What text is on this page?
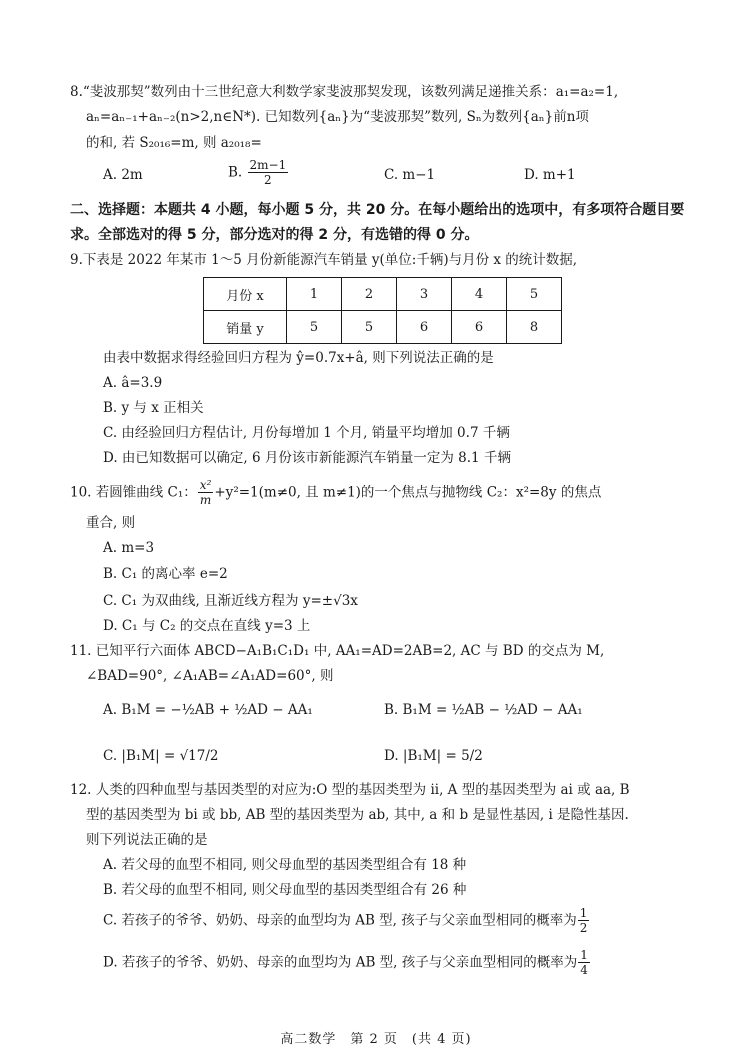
8.“斐波那契”数列由十三世纪意大利数学家斐波那契发现，该数列满足递推关系：a₁=a₂=1,
aₙ=aₙ₋₁+aₙ₋₂(n>2,n∈N*). 已知数列{aₙ}为“斐波那契”数列, Sₙ为数列{aₙ}前n项
的和, 若 S₂₀₁₆=m, 则 a₂₀₁₈=
A. 2m	B. $\frac{2m-1}{2}$	C. m−1	D. m+1
二、选择题：本题共 4 小题，每小题 5 分，共 20 分。在每小题给出的选项中，有多项符合题目要
求。全部选对的得 5 分，部分选对的得 2 分，有选错的得 0 分。
9.下表是 2022 年某市 1～5 月份新能源汽车销量 y(单位:千辆)与月份 x 的统计数据,
月份 x	1	2	3	4	5
销量 y	5	5	6	6	8
由表中数据求得经验回归方程为 ŷ=0.7x+â, 则下列说法正确的是
A. â=3.9
B. y 与 x 正相关
C. 由经验回归方程估计, 月份每增加 1 个月, 销量平均增加 0.7 千辆
D. 由已知数据可以确定, 6 月份该市新能源汽车销量一定为 8.1 千辆
10. 若圆锥曲线 C₁： $\frac{\text{x²}}{m} +y^2=1(m\ne 0$, 且 m≠1)的一个焦点与抛物线 C₂：x²=8y 的焦点
重合, 则
A. m=3
B. C₁ 的离心率 e=2
C. C₁ 为双曲线, 且渐近线方程为 y=±√3x
D. C₁ 与 C₂ 的交点在直线 y=3 上
11. 已知平行六面体 ABCD−A₁B₁C₁D₁ 中, AA₁=AD=2AB=2, AC 与 BD 的交点为 M,
∠BAD=90°, ∠A₁AB=∠A₁AD=60°, 则
A. B₁M = −½AB + ½AD − AA₁	B. B₁M = ½AB − ½AD − AA₁
C. |B₁M| = √17/2	D. |B₁M| = 5/2
12. 人类的四种血型与基因类型的对应为:O 型的基因类型为 ii, A 型的基因类型为 ai 或 aa, B
型的基因类型为 bi 或 bb, AB 型的基因类型为 ab, 其中, a 和 b 是显性基因, i 是隐性基因.
则下列说法正确的是
A. 若父母的血型不相同, 则父母血型的基因类型组合有 18 种
B. 若父母的血型不相同, 则父母血型的基因类型组合有 26 种
C. 若孩子的爷爷、奶奶、母亲的血型均为 AB 型, 孩子与父亲血型相同的概率为 $\frac{1}{2}$
D. 若孩子的爷爷、奶奶、母亲的血型均为 AB 型, 孩子与父亲血型相同的概率为 $\frac{1}{4}$
高二数学　第 2 页　(共 4 页)
